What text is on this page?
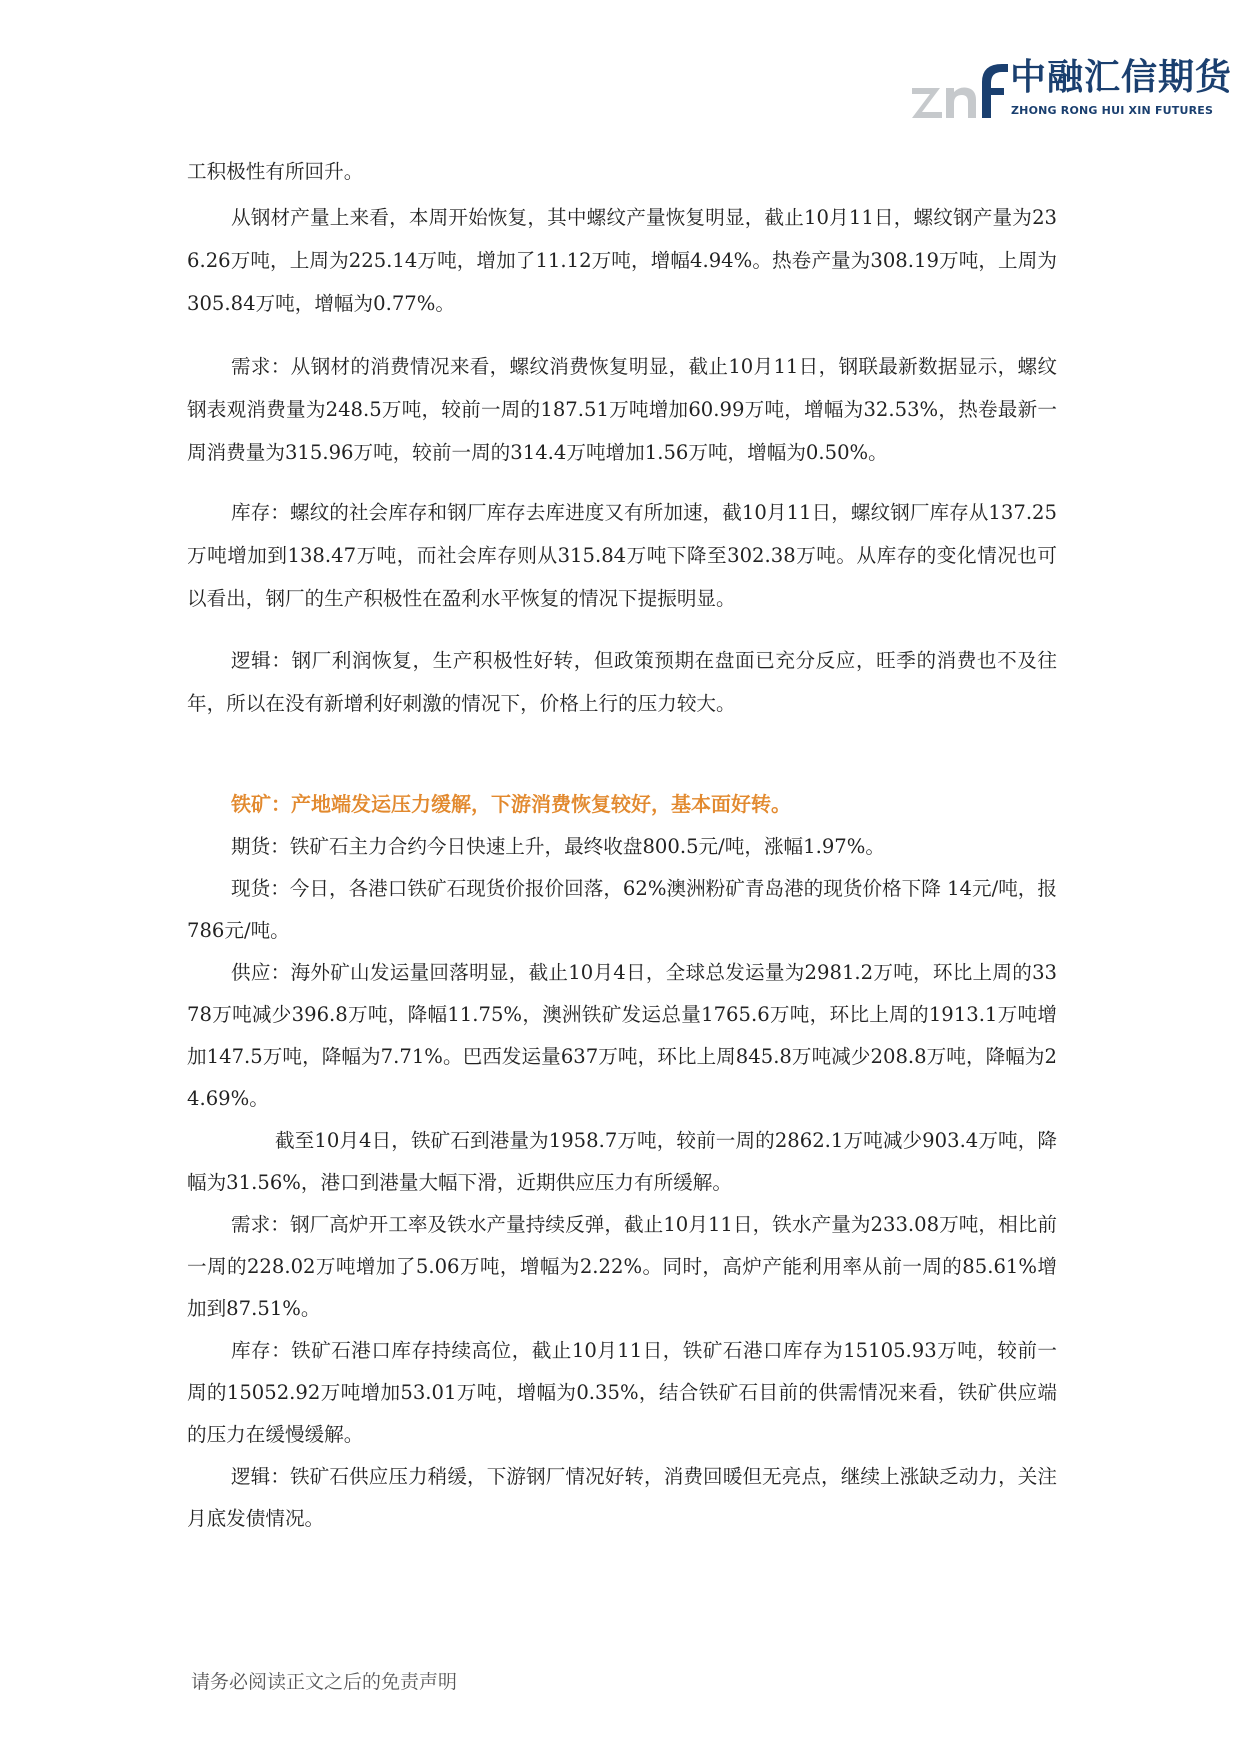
中融汇信期货
ZHONG RONG HUI XIN FUTURES

工积极性有所回升。

从钢材产量上来看，本周开始恢复，其中螺纹产量恢复明显，截止10月11日，螺纹钢产量为236.26万吨，上周为225.14万吨，增加了11.12万吨，增幅4.94%。热卷产量为308.19万吨，上周为305.84万吨，增幅为0.77%。

需求：从钢材的消费情况来看，螺纹消费恢复明显，截止10月11日，钢联最新数据显示，螺纹钢表观消费量为248.5万吨，较前一周的187.51万吨增加60.99万吨，增幅为32.53%，热卷最新一周消费量为315.96万吨，较前一周的314.4万吨增加1.56万吨，增幅为0.50%。

库存：螺纹的社会库存和钢厂库存去库进度又有所加速，截10月11日，螺纹钢厂库存从137.25万吨增加到138.47万吨，而社会库存则从315.84万吨下降至302.38万吨。从库存的变化情况也可以看出，钢厂的生产积极性在盈利水平恢复的情况下提振明显。

逻辑：钢厂利润恢复，生产积极性好转，但政策预期在盘面已充分反应，旺季的消费也不及往年，所以在没有新增利好刺激的情况下，价格上行的压力较大。

铁矿：产地端发运压力缓解，下游消费恢复较好，基本面好转。

期货：铁矿石主力合约今日快速上升，最终收盘800.5元/吨，涨幅1.97%。

现货：今日，各港口铁矿石现货价报价回落，62%澳洲粉矿青岛港的现货价格下降 14元/吨，报786元/吨。

供应：海外矿山发运量回落明显，截止10月4日，全球总发运量为2981.2万吨，环比上周的3378万吨减少396.8万吨，降幅11.75%，澳洲铁矿发运总量1765.6万吨，环比上周的1913.1万吨增加147.5万吨，降幅为7.71%。巴西发运量637万吨，环比上周845.8万吨减少208.8万吨，降幅为24.69%。

截至10月4日，铁矿石到港量为1958.7万吨，较前一周的2862.1万吨减少903.4万吨，降幅为31.56%，港口到港量大幅下滑，近期供应压力有所缓解。

需求：钢厂高炉开工率及铁水产量持续反弹，截止10月11日，铁水产量为233.08万吨，相比前一周的228.02万吨增加了5.06万吨，增幅为2.22%。同时，高炉产能利用率从前一周的85.61%增加到87.51%。

库存：铁矿石港口库存持续高位，截止10月11日，铁矿石港口库存为15105.93万吨，较前一周的15052.92万吨增加53.01万吨，增幅为0.35%，结合铁矿石目前的供需情况来看，铁矿供应端的压力在缓慢缓解。

逻辑：铁矿石供应压力稍缓，下游钢厂情况好转，消费回暖但无亮点，继续上涨缺乏动力，关注月底发债情况。

请务必阅读正文之后的免责声明
